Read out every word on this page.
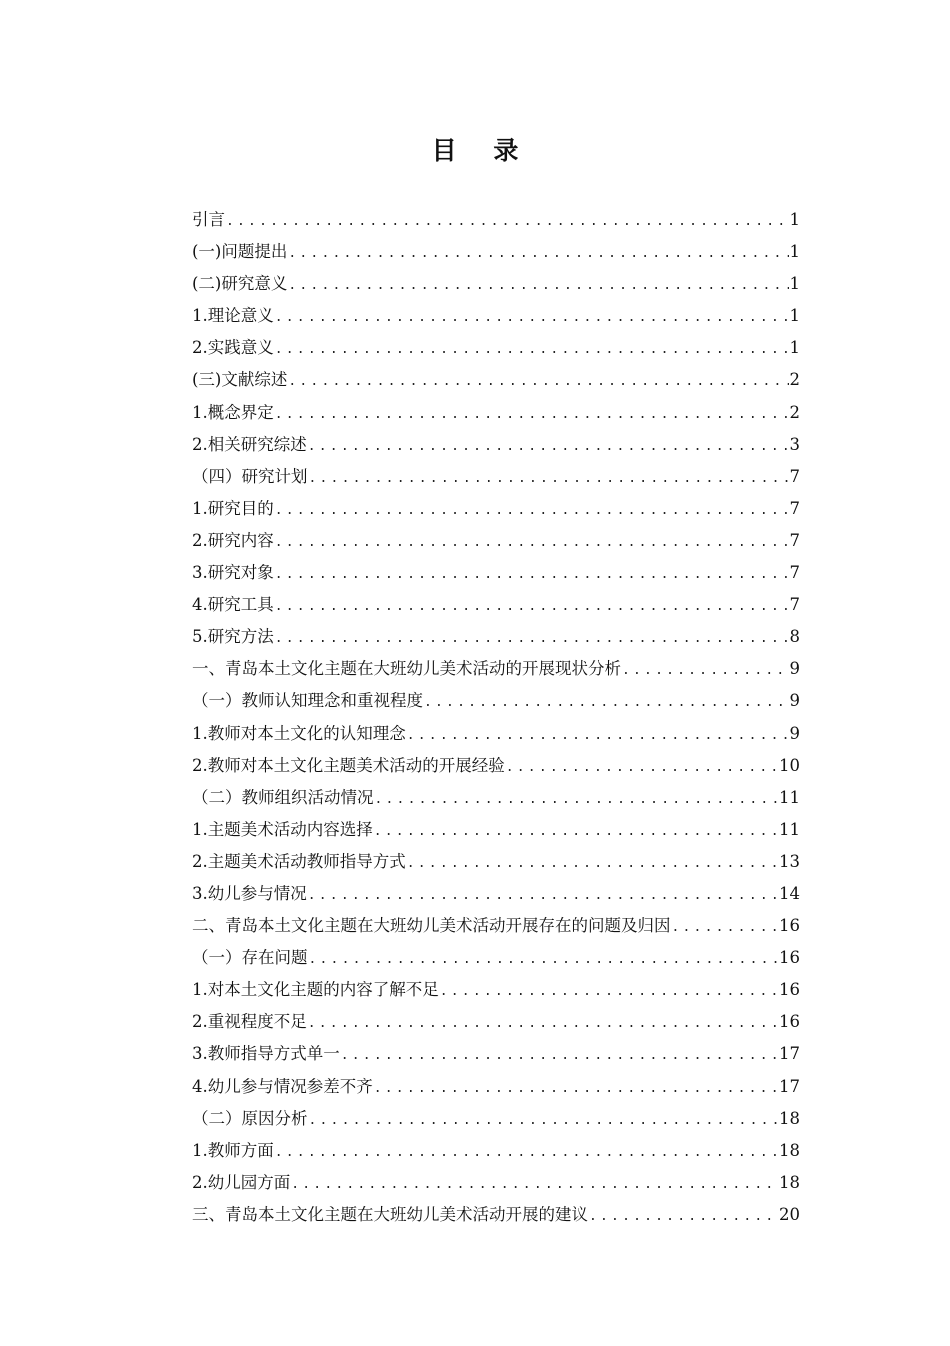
目 录
引言 .....	1
(一)问题提出 .....	1
(二)研究意义 .....	1
1.理论意义 .....	1
2.实践意义 .....	1
(三)文献综述 .....	2
1.概念界定 .....	2
2.相关研究综述 .....	3
（四）研究计划 .....	7
1.研究目的 .....	7
2.研究内容 .....	7
3.研究对象 .....	7
4.研究工具 .....	7
5.研究方法 .....	8
一、青岛本土文化主题在大班幼儿美术活动的开展现状分析 .....	9
（一）教师认知理念和重视程度 .....	9
1.教师对本土文化的认知理念 .....	9
2.教师对本土文化主题美术活动的开展经验 .....	10
（二）教师组织活动情况 .....	11
1.主题美术活动内容选择 .....	11
2.主题美术活动教师指导方式 .....	13
3.幼儿参与情况 .....	14
二、青岛本土文化主题在大班幼儿美术活动开展存在的问题及归因 .....	16
（一）存在问题 .....	16
1.对本土文化主题的内容了解不足 .....	16
2.重视程度不足 .....	16
3.教师指导方式单一 .....	17
4.幼儿参与情况参差不齐 .....	17
（二）原因分析 .....	18
1.教师方面 .....	18
2.幼儿园方面 .....	18
三、青岛本土文化主题在大班幼儿美术活动开展的建议 .....	20
